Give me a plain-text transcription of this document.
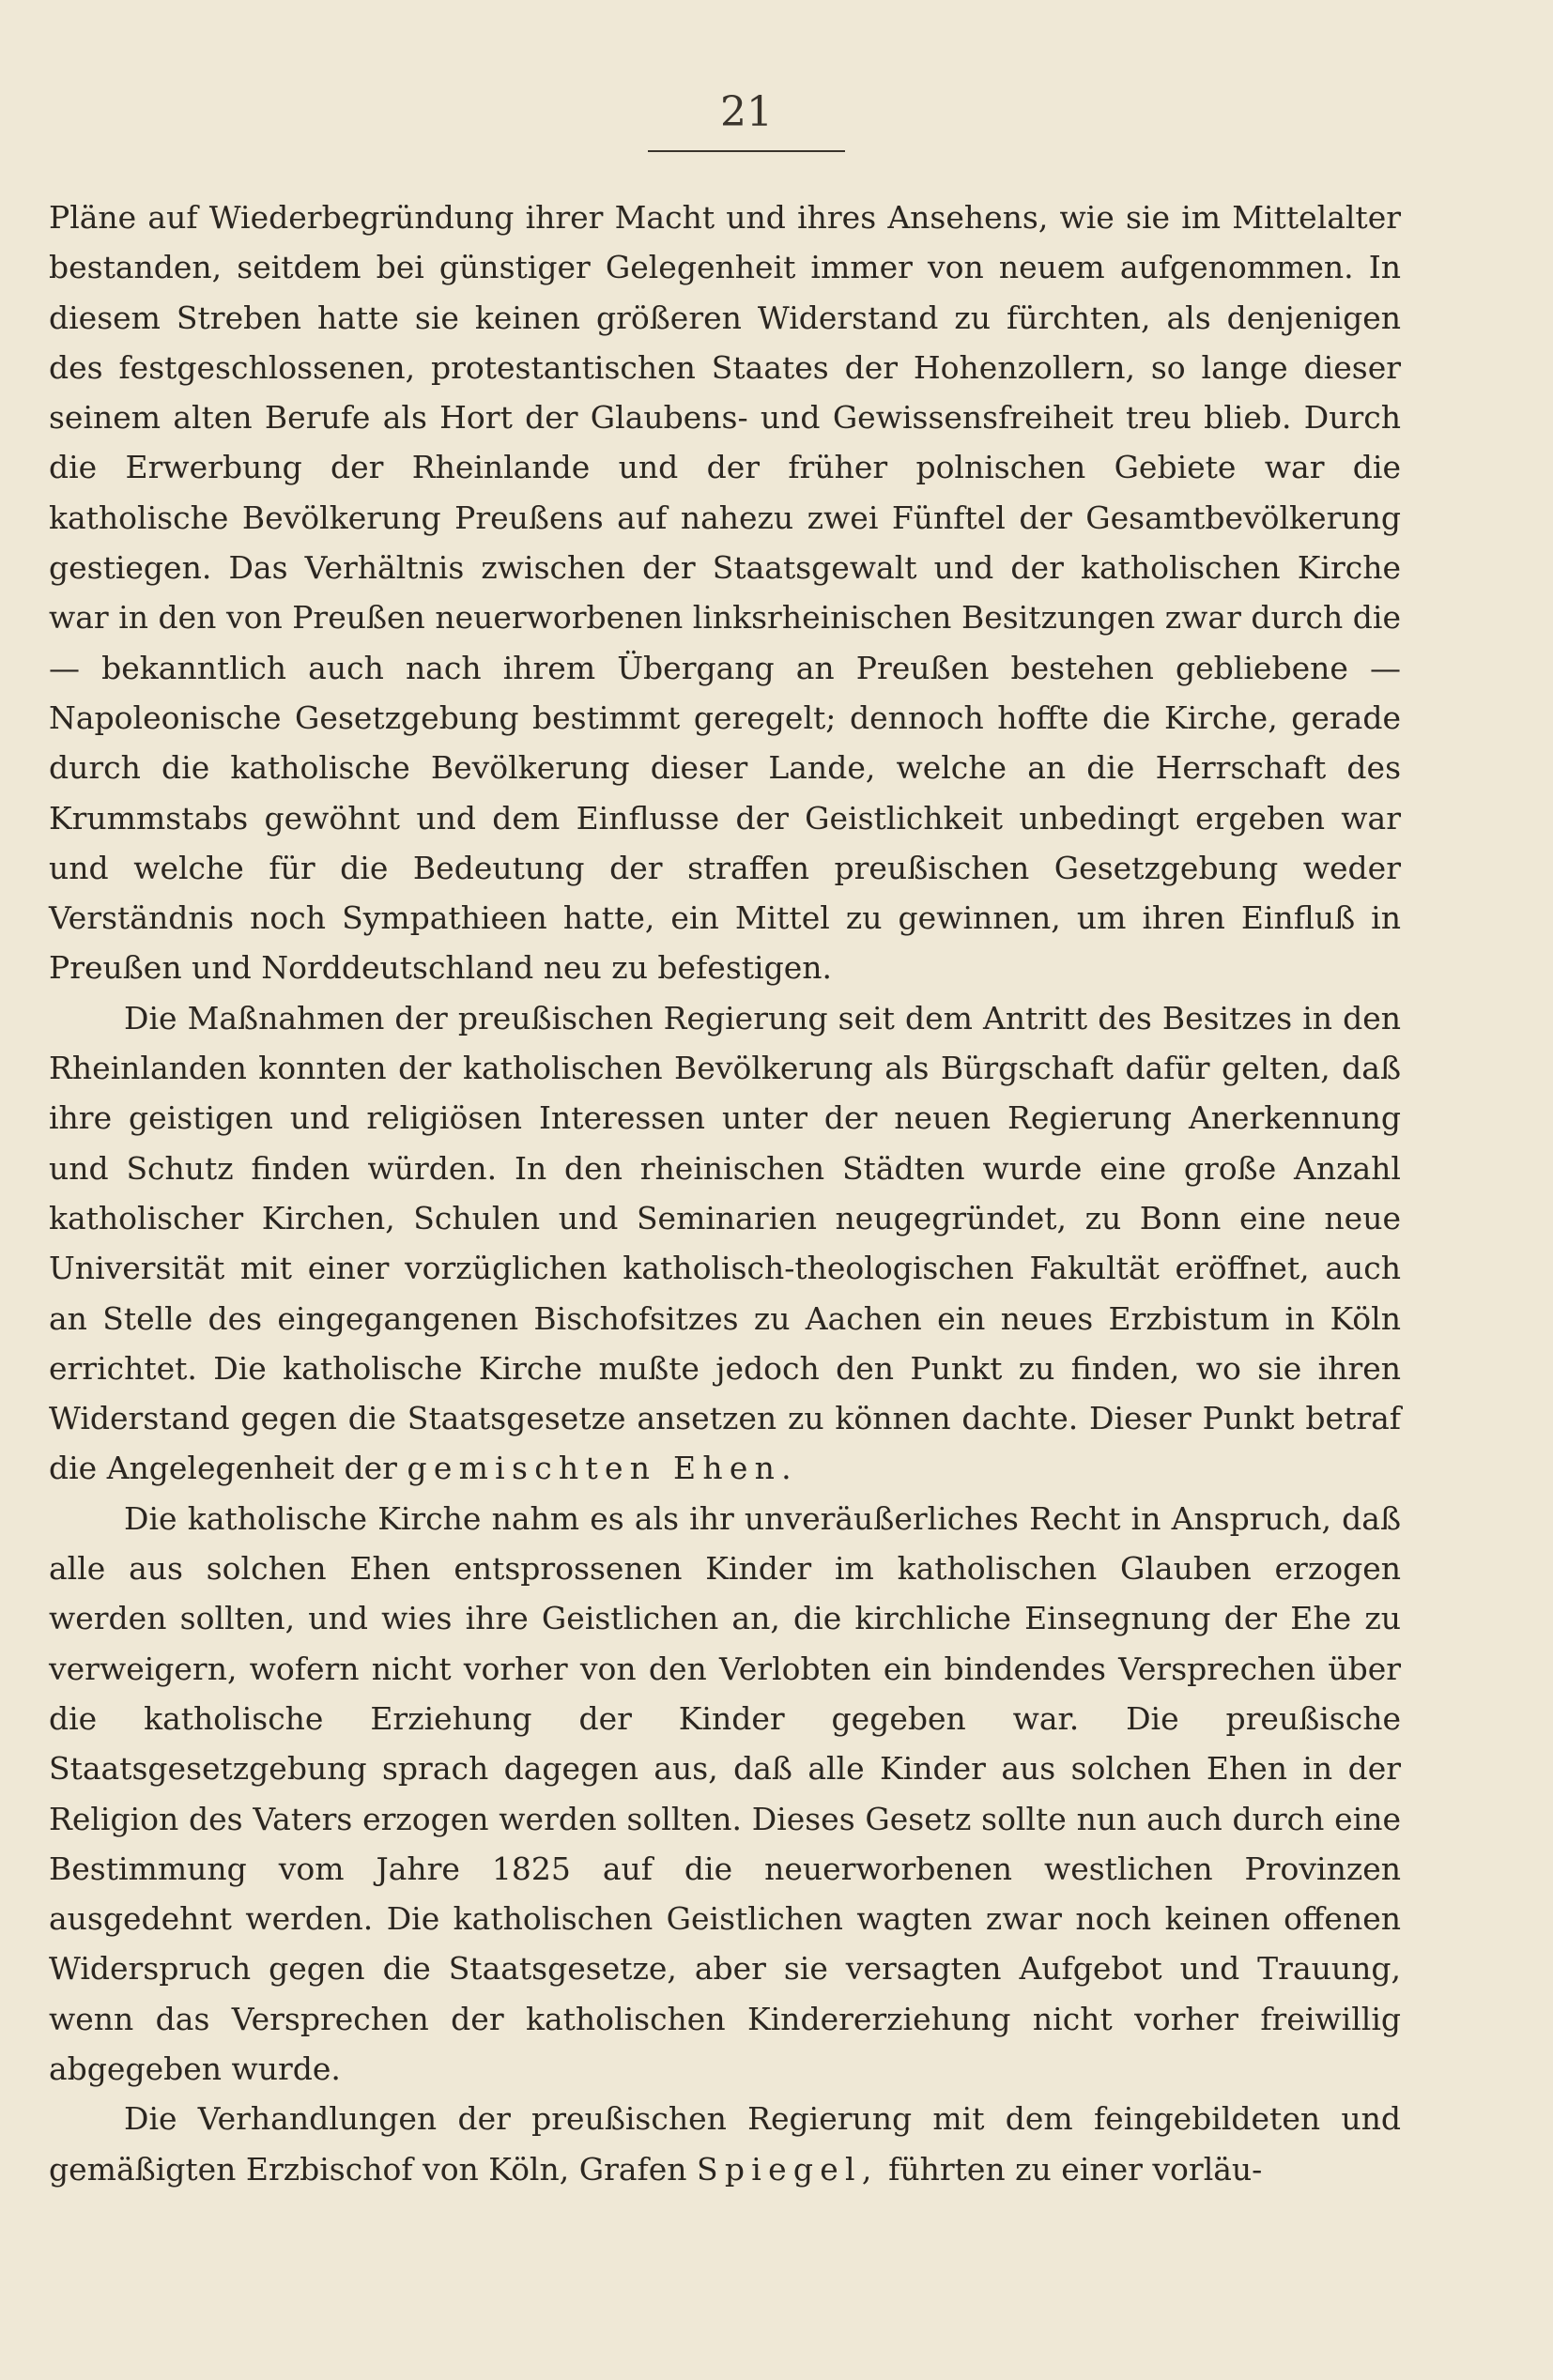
21

Pläne auf Wiederbegründung ihrer Macht und ihres Ansehens, wie sie im Mittelalter bestanden, seitdem bei günstiger Gelegenheit immer von neuem aufgenommen. In diesem Streben hatte sie keinen größeren Widerstand zu fürchten, als denjenigen des festgeschlossenen, protestantischen Staates der Hohenzollern, so lange dieser seinem alten Berufe als Hort der Glaubens- und Gewissensfreiheit treu blieb. Durch die Erwerbung der Rheinlande und der früher polnischen Gebiete war die katholische Bevölkerung Preußens auf nahezu zwei Fünftel der Gesamtbevölkerung gestiegen. Das Verhältnis zwischen der Staatsgewalt und der katholischen Kirche war in den von Preußen neuerworbenen linksrheinischen Besitzungen zwar durch die — bekanntlich auch nach ihrem Übergang an Preußen bestehen gebliebene — Napoleonische Gesetzgebung bestimmt geregelt; dennoch hoffte die Kirche, gerade durch die katholische Bevölkerung dieser Lande, welche an die Herrschaft des Krummstabs gewöhnt und dem Einflusse der Geistlichkeit unbedingt ergeben war und welche für die Bedeutung der straffen preußischen Gesetzgebung weder Verständnis noch Sympathieen hatte, ein Mittel zu gewinnen, um ihren Einfluß in Preußen und Norddeutschland neu zu befestigen.

Die Maßnahmen der preußischen Regierung seit dem Antritt des Besitzes in den Rheinlanden konnten der katholischen Bevölkerung als Bürgschaft dafür gelten, daß ihre geistigen und religiösen Interessen unter der neuen Regierung Anerkennung und Schutz finden würden. In den rheinischen Städten wurde eine große Anzahl katholischer Kirchen, Schulen und Seminarien neugegründet, zu Bonn eine neue Universität mit einer vorzüglichen katholisch-theologischen Fakultät eröffnet, auch an Stelle des eingegangenen Bischofsitzes zu Aachen ein neues Erzbistum in Köln errichtet. Die katholische Kirche mußte jedoch den Punkt zu finden, wo sie ihren Widerstand gegen die Staatsgesetze ansetzen zu können dachte. Dieser Punkt betraf die Angelegenheit der gemischten Ehen.

Die katholische Kirche nahm es als ihr unveräußerliches Recht in Anspruch, daß alle aus solchen Ehen entsprossenen Kinder im katholischen Glauben erzogen werden sollten, und wies ihre Geistlichen an, die kirchliche Einsegnung der Ehe zu verweigern, wofern nicht vorher von den Verlobten ein bindendes Versprechen über die katholische Erziehung der Kinder gegeben war. Die preußische Staatsgesetzgebung sprach dagegen aus, daß alle Kinder aus solchen Ehen in der Religion des Vaters erzogen werden sollten. Dieses Gesetz sollte nun auch durch eine Bestimmung vom Jahre 1825 auf die neuerworbenen westlichen Provinzen ausgedehnt werden. Die katholischen Geistlichen wagten zwar noch keinen offenen Widerspruch gegen die Staatsgesetze, aber sie versagten Aufgebot und Trauung, wenn das Versprechen der katholischen Kindererziehung nicht vorher freiwillig abgegeben wurde.

Die Verhandlungen der preußischen Regierung mit dem feingebildeten und gemäßigten Erzbischof von Köln, Grafen Spiegel, führten zu einer vorläu-
